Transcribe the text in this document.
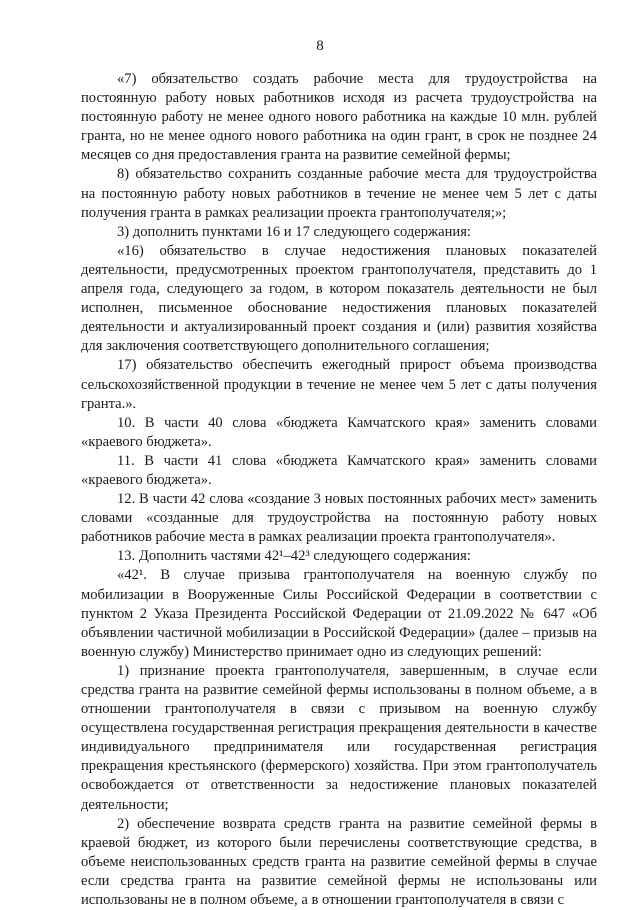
8

«7) обязательство создать рабочие места для трудоустройства на постоянную работу новых работников исходя из расчета трудоустройства на постоянную работу не менее одного нового работника на каждые 10 млн. рублей гранта, но не менее одного нового работника на один грант, в срок не позднее 24 месяцев со дня предоставления гранта на развитие семейной фермы;

8) обязательство сохранить созданные рабочие места для трудоустройства на постоянную работу новых работников в течение не менее чем 5 лет с даты получения гранта в рамках реализации проекта грантополучателя;»;

3) дополнить пунктами 16 и 17 следующего содержания:

«16) обязательство в случае недостижения плановых показателей деятельности, предусмотренных проектом грантополучателя, представить до 1 апреля года, следующего за годом, в котором показатель деятельности не был исполнен, письменное обоснование недостижения плановых показателей деятельности и актуализированный проект создания и (или) развития хозяйства для заключения соответствующего дополнительного соглашения;

17) обязательство обеспечить ежегодный прирост объема производства сельскохозяйственной продукции в течение не менее чем 5 лет с даты получения гранта.».

10. В части 40 слова «бюджета Камчатского края» заменить словами «краевого бюджета».

11. В части 41 слова «бюджета Камчатского края» заменить словами «краевого бюджета».

12. В части 42 слова «создание 3 новых постоянных рабочих мест» заменить словами «созданные для трудоустройства на постоянную работу новых работников рабочие места в рамках реализации проекта грантополучателя».

13. Дополнить частями 42¹–42³ следующего содержания:

«42¹. В случае призыва грантополучателя на военную службу по мобилизации в Вооруженные Силы Российской Федерации в соответствии с пунктом 2 Указа Президента Российской Федерации от 21.09.2022 № 647 «Об объявлении частичной мобилизации в Российской Федерации» (далее – призыв на военную службу) Министерство принимает одно из следующих решений:

1) признание проекта грантополучателя, завершенным, в случае если средства гранта на развитие семейной фермы использованы в полном объеме, а в отношении грантополучателя в связи с призывом на военную службу осуществлена государственная регистрация прекращения деятельности в качестве индивидуального предпринимателя или государственная регистрация прекращения крестьянского (фермерского) хозяйства. При этом грантополучатель освобождается от ответственности за недостижение плановых показателей деятельности;

2) обеспечение возврата средств гранта на развитие семейной фермы в краевой бюджет, из которого были перечислены соответствующие средства, в объеме неиспользованных средств гранта на развитие семейной фермы в случае если средства гранта на развитие семейной фермы не использованы или использованы не в полном объеме, а в отношении грантополучателя в связи с
